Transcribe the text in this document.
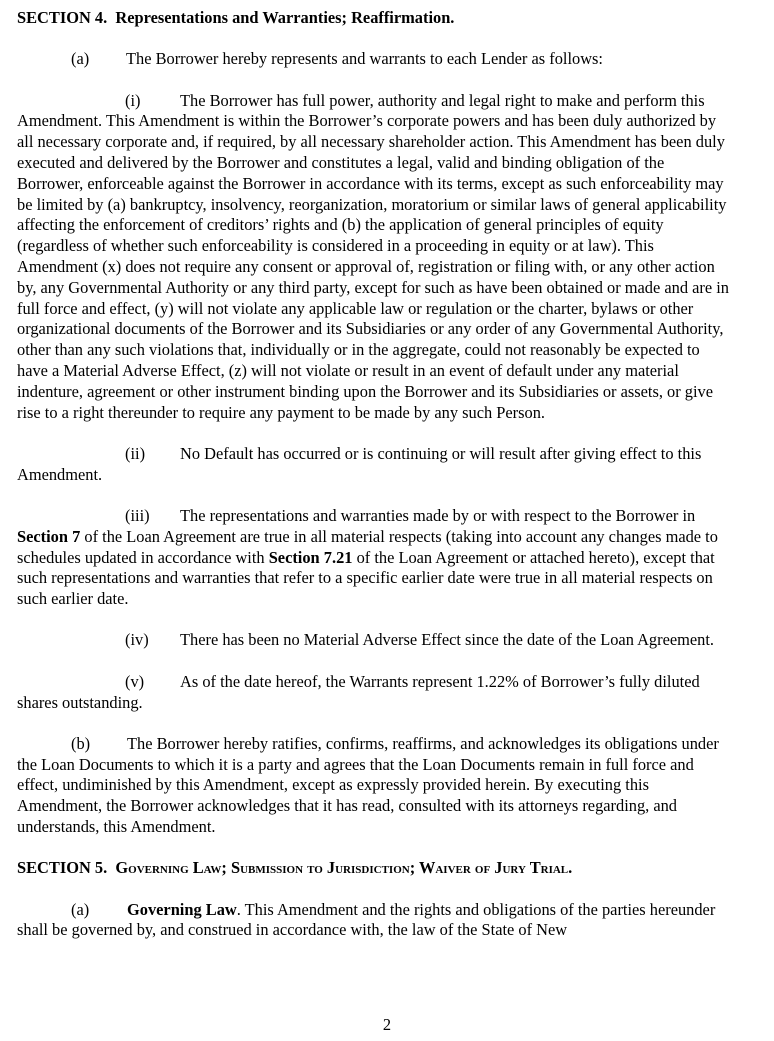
SECTION 4. Representations and Warranties; Reaffirmation.

(a) The Borrower hereby represents and warrants to each Lender as follows:

(i) The Borrower has full power, authority and legal right to make and perform this Amendment. This Amendment is within the Borrower’s corporate powers and has been duly authorized by all necessary corporate and, if required, by all necessary shareholder action. This Amendment has been duly executed and delivered by the Borrower and constitutes a legal, valid and binding obligation of the Borrower, enforceable against the Borrower in accordance with its terms, except as such enforceability may be limited by (a) bankruptcy, insolvency, reorganization, moratorium or similar laws of general applicability affecting the enforcement of creditors’ rights and (b) the application of general principles of equity (regardless of whether such enforceability is considered in a proceeding in equity or at law). This Amendment (x) does not require any consent or approval of, registration or filing with, or any other action by, any Governmental Authority or any third party, except for such as have been obtained or made and are in full force and effect, (y) will not violate any applicable law or regulation or the charter, bylaws or other organizational documents of the Borrower and its Subsidiaries or any order of any Governmental Authority, other than any such violations that, individually or in the aggregate, could not reasonably be expected to have a Material Adverse Effect, (z) will not violate or result in an event of default under any material indenture, agreement or other instrument binding upon the Borrower and its Subsidiaries or assets, or give rise to a right thereunder to require any payment to be made by any such Person.

(ii) No Default has occurred or is continuing or will result after giving effect to this Amendment.

(iii) The representations and warranties made by or with respect to the Borrower in Section 7 of the Loan Agreement are true in all material respects (taking into account any changes made to schedules updated in accordance with Section 7.21 of the Loan Agreement or attached hereto), except that such representations and warranties that refer to a specific earlier date were true in all material respects on such earlier date.

(iv) There has been no Material Adverse Effect since the date of the Loan Agreement.

(v) As of the date hereof, the Warrants represent 1.22% of Borrower’s fully diluted shares outstanding.

(b) The Borrower hereby ratifies, confirms, reaffirms, and acknowledges its obligations under the Loan Documents to which it is a party and agrees that the Loan Documents remain in full force and effect, undiminished by this Amendment, except as expressly provided herein. By executing this Amendment, the Borrower acknowledges that it has read, consulted with its attorneys regarding, and understands, this Amendment.

SECTION 5. Governing Law; Submission to Jurisdiction; Waiver of Jury Trial.

(a) Governing Law. This Amendment and the rights and obligations of the parties hereunder shall be governed by, and construed in accordance with, the law of the State of New

2
